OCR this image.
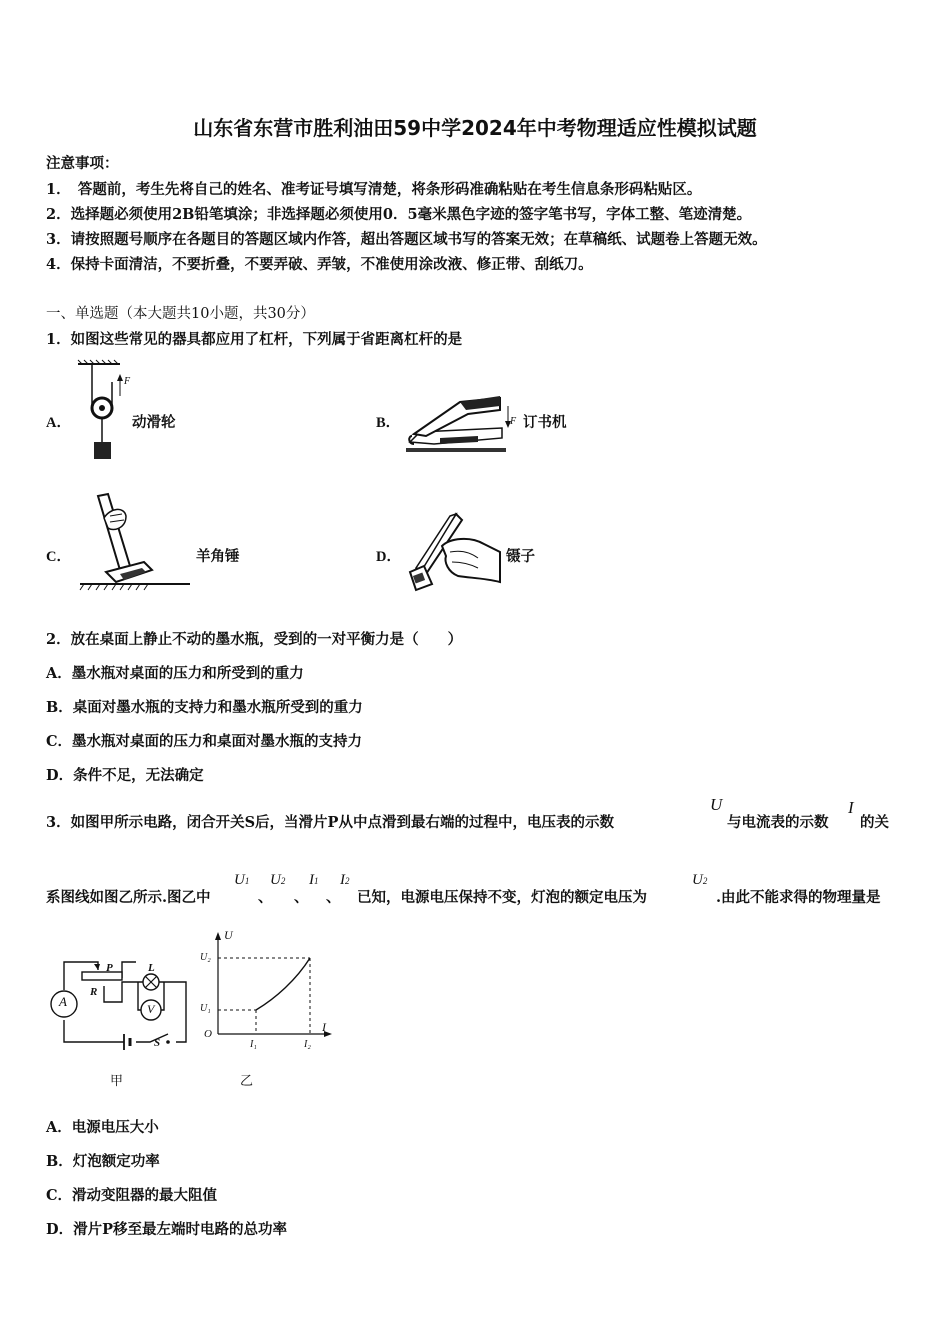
山东省东营市胜利油田59中学2024年中考物理适应性模拟试题
注意事项：
1．　答题前，考生先将自己的姓名、准考证号填写清楚，将条形码准确粘贴在考生信息条形码粘贴区。
2．选择题必须使用2B铅笔填涂；非选择题必须使用0．5毫米黑色字迹的签字笔书写，字体工整、笔迹清楚。
3．请按照题号顺序在各题目的答题区域内作答，超出答题区域书写的答案无效；在草稿纸、试题卷上答题无效。
4．保持卡面清洁，不要折叠，不要弄破、弄皱，不准使用涂改液、修正带、刮纸刀。
一、单选题（本大题共10小题，共30分）
1．如图这些常见的器具都应用了杠杆，下列属于省距离杠杆的是
A．
F
动滑轮	B．	F 订书机
C．	羊角锤	D．	镊子
2．放在桌面上静止不动的墨水瓶，受到的一对平衡力是（　　）
A．墨水瓶对桌面的压力和所受到的重力
B．桌面对墨水瓶的支持力和墨水瓶所受到的重力
C．墨水瓶对桌面的压力和桌面对墨水瓶的支持力
D．条件不足，无法确定
3．如图甲所示电路，闭合开关S后，当滑片P从中点滑到最右端的过程中，电压表的示数
U
与电流表的示数
I
的关
系图线如图乙所示.图乙中
U1
、
U2
、
I1
、
I2
已知，电源电压保持不变，灯泡的额定电压为
U2
.由此不能求得的物理量是
A	V
P
R
L
S
甲
U
I
O
U₂
U₁
I₁	I₂
乙
A．电源电压大小
B．灯泡额定功率
C．滑动变阻器的最大阻值
D．滑片P移至最左端时电路的总功率
